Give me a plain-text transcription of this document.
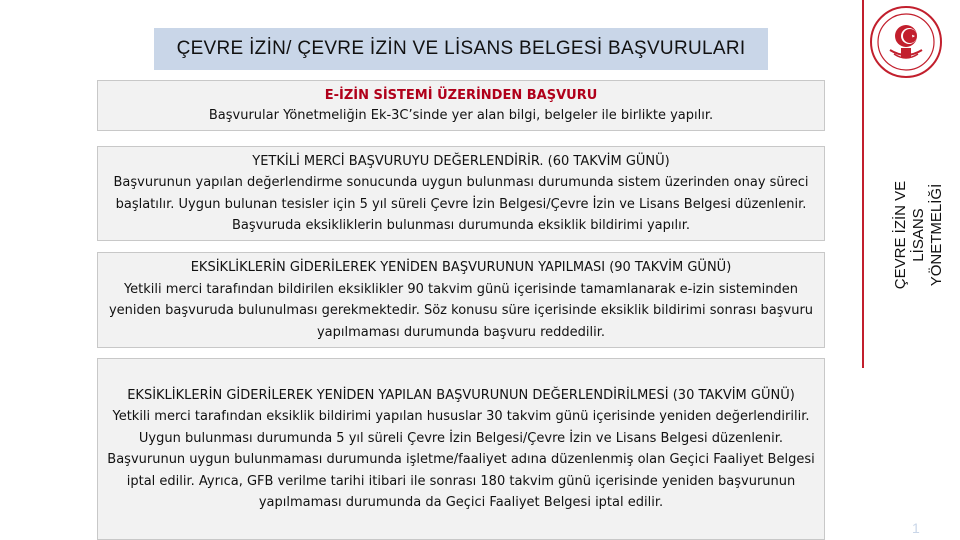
ÇEVRE İZİN/ ÇEVRE İZİN VE LİSANS BELGESİ BAŞVURULARI
ÇEVRE İZİN VE LİSANS YÖNETMELİĞİ
E-İZİN SİSTEMİ ÜZERİNDEN BAŞVURU
Başvurular Yönetmeliğin Ek-3C’sinde yer alan bilgi, belgeler ile birlikte yapılır.
YETKİLİ MERCİ BAŞVURUYU DEĞERLENDİRİR. (60 TAKVİM GÜNÜ)
Başvurunun yapılan değerlendirme sonucunda uygun bulunması durumunda sistem üzerinden onay süreci başlatılır. Uygun bulunan tesisler için 5 yıl süreli Çevre İzin Belgesi/Çevre İzin ve Lisans Belgesi düzenlenir. Başvuruda eksikliklerin bulunması durumunda eksiklik bildirimi yapılır.
EKSİKLİKLERİN GİDERİLEREK YENİDEN BAŞVURUNUN YAPILMASI (90 TAKVİM GÜNÜ)
Yetkili merci tarafından bildirilen eksiklikler 90 takvim günü içerisinde tamamlanarak e-izin sisteminden yeniden başvuruda bulunulması gerekmektedir. Söz konusu süre içerisinde eksiklik bildirimi sonrası başvuru yapılmaması durumunda başvuru reddedilir.
EKSİKLİKLERİN GİDERİLEREK YENİDEN YAPILAN BAŞVURUNUN DEĞERLENDİRİLMESİ (30 TAKVİM GÜNÜ)
Yetkili merci tarafından eksiklik bildirimi yapılan hususlar 30 takvim günü içerisinde yeniden değerlendirilir. Uygun bulunması durumunda 5 yıl süreli Çevre İzin Belgesi/Çevre İzin ve Lisans Belgesi düzenlenir. Başvurunun uygun bulunmaması durumunda işletme/faaliyet adına düzenlenmiş olan Geçici Faaliyet Belgesi iptal edilir. Ayrıca, GFB verilme tarihi itibari ile sonrası 180 takvim günü içerisinde yeniden başvurunun yapılmaması durumunda da Geçici Faaliyet Belgesi iptal edilir.
1
